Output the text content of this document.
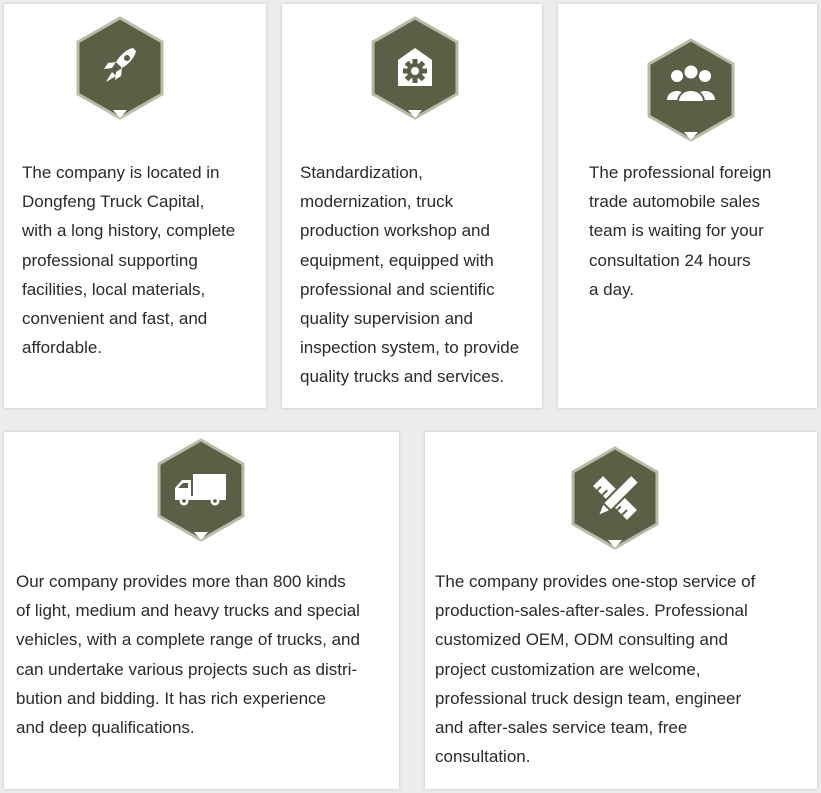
The company is located in
Dongfeng Truck Capital,
with a long history, complete
professional supporting
facilities, local materials,
convenient and fast, and
affordable.

Standardization,
modernization, truck
production workshop and
equipment, equipped with
professional and scientific
quality supervision and
inspection system, to provide
quality trucks and services.

The professional foreign
trade automobile sales
team is waiting for your
consultation 24 hours
a day.

Our company provides more than 800 kinds
of light, medium and heavy trucks and special
vehicles, with a complete range of trucks, and
can undertake various projects such as distri-
bution and bidding. It has rich experience
and deep qualifications.

The company provides one-stop service of
production-sales-after-sales. Professional
customized OEM, ODM consulting and
project customization are welcome,
professional truck design team, engineer
and after-sales service team, free
consultation.
